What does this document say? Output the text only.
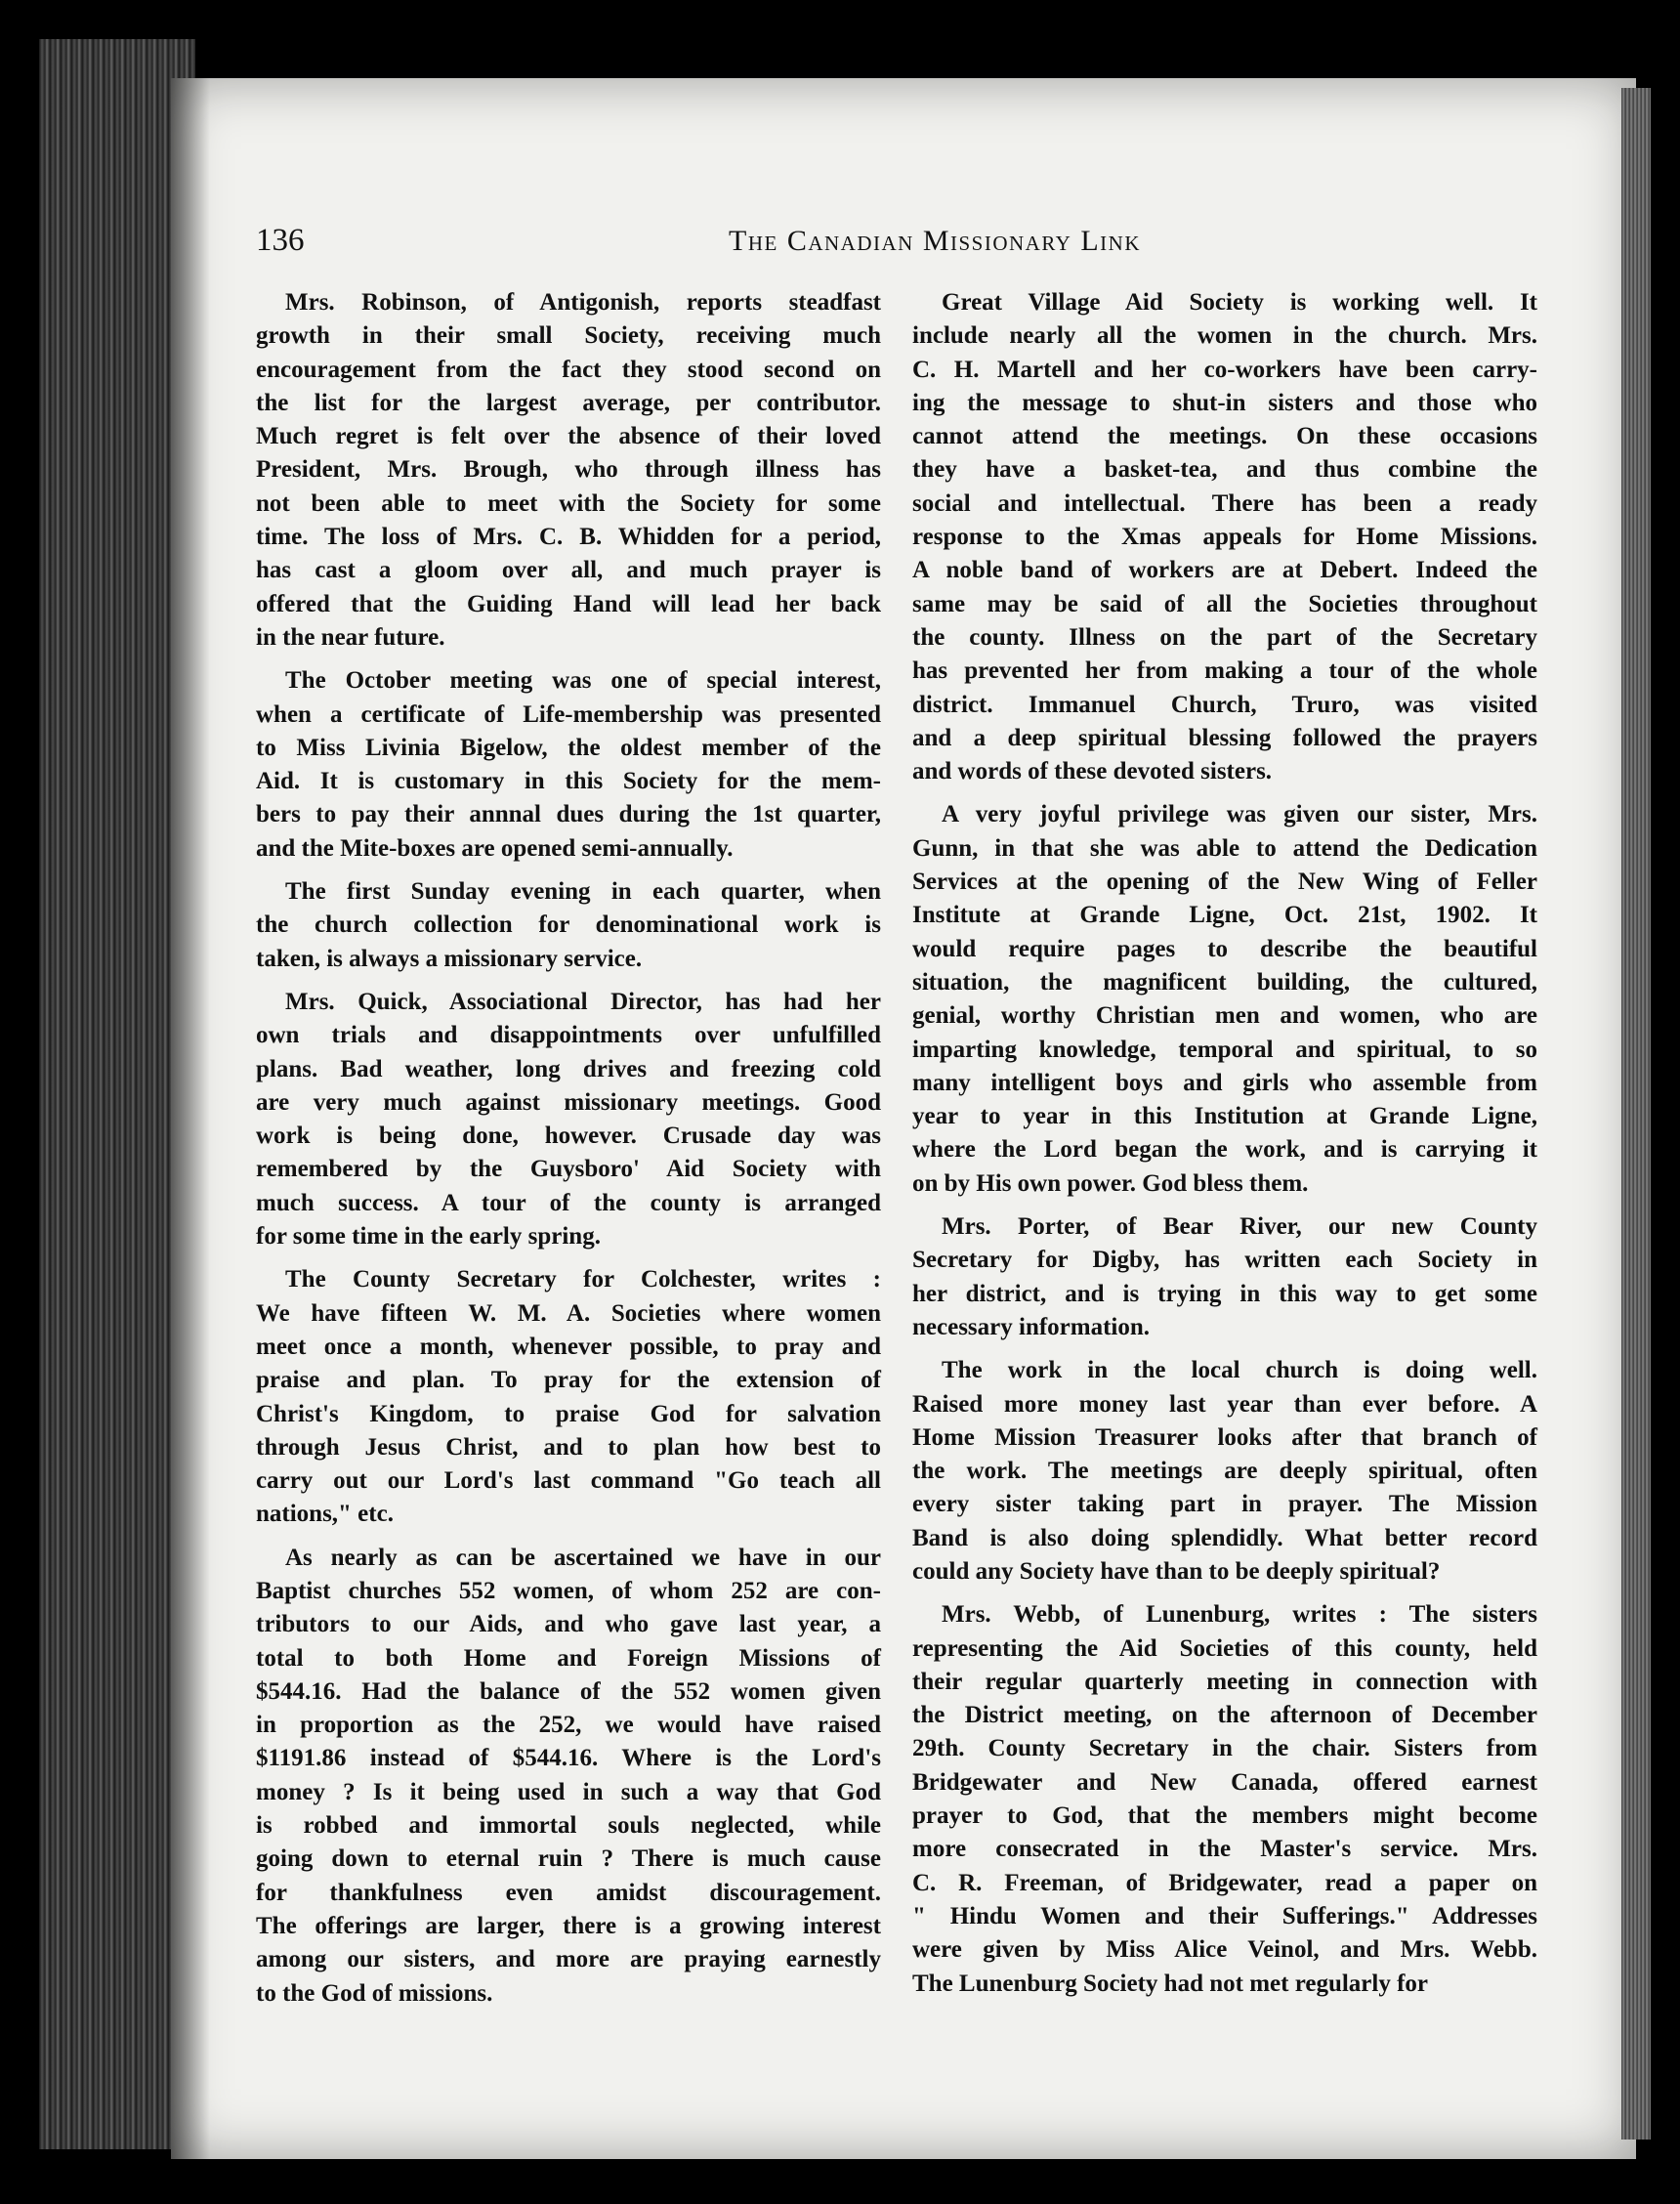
136	The Canadian Missionary Link
Mrs. Robinson, of Antigonish, reports steadfast
growth in their small Society, receiving much
encouragement from the fact they stood second on
the list for the largest average, per contributor.
Much regret is felt over the absence of their loved
President, Mrs. Brough, who through illness has
not been able to meet with the Society for some
time. The loss of Mrs. C. B. Whidden for a period,
has cast a gloom over all, and much prayer is
offered that the Guiding Hand will lead her back
in the near future.
The October meeting was one of special interest,
when a certificate of Life-membership was presented
to Miss Livinia Bigelow, the oldest member of the
Aid. It is customary in this Society for the mem-
bers to pay their annnal dues during the 1st quarter,
and the Mite-boxes are opened semi-annually.
The first Sunday evening in each quarter, when
the church collection for denominational work is
taken, is always a missionary service.
Mrs. Quick, Associational Director, has had her
own trials and disappointments over unfulfilled
plans. Bad weather, long drives and freezing cold
are very much against missionary meetings. Good
work is being done, however. Crusade day was
remembered by the Guysboro' Aid Society with
much success. A tour of the county is arranged
for some time in the early spring.
The County Secretary for Colchester, writes :
We have fifteen W. M. A. Societies where women
meet once a month, whenever possible, to pray and
praise and plan. To pray for the extension of
Christ's Kingdom, to praise God for salvation
through Jesus Christ, and to plan how best to
carry out our Lord's last command "Go teach all
nations," etc.
As nearly as can be ascertained we have in our
Baptist churches 552 women, of whom 252 are con-
tributors to our Aids, and who gave last year, a
total to both Home and Foreign Missions of
$544.16. Had the balance of the 552 women given
in proportion as the 252, we would have raised
$1191.86 instead of $544.16. Where is the Lord's
money ? Is it being used in such a way that God
is robbed and immortal souls neglected, while
going down to eternal ruin ? There is much cause
for thankfulness even amidst discouragement.
The offerings are larger, there is a growing interest
among our sisters, and more are praying earnestly
to the God of missions.
Great Village Aid Society is working well. It
include nearly all the women in the church. Mrs.
C. H. Martell and her co-workers have been carry-
ing the message to shut-in sisters and those who
cannot attend the meetings. On these occasions
they have a basket-tea, and thus combine the
social and intellectual. There has been a ready
response to the Xmas appeals for Home Missions.
A noble band of workers are at Debert. Indeed the
same may be said of all the Societies throughout
the county. Illness on the part of the Secretary
has prevented her from making a tour of the whole
district. Immanuel Church, Truro, was visited
and a deep spiritual blessing followed the prayers
and words of these devoted sisters.
A very joyful privilege was given our sister, Mrs.
Gunn, in that she was able to attend the Dedication
Services at the opening of the New Wing of Feller
Institute at Grande Ligne, Oct. 21st, 1902. It
would require pages to describe the beautiful
situation, the magnificent building, the cultured,
genial, worthy Christian men and women, who are
imparting knowledge, temporal and spiritual, to so
many intelligent boys and girls who assemble from
year to year in this Institution at Grande Ligne,
where the Lord began the work, and is carrying it
on by His own power. God bless them.
Mrs. Porter, of Bear River, our new County
Secretary for Digby, has written each Society in
her district, and is trying in this way to get some
necessary information.
The work in the local church is doing well.
Raised more money last year than ever before. A
Home Mission Treasurer looks after that branch of
the work. The meetings are deeply spiritual, often
every sister taking part in prayer. The Mission
Band is also doing splendidly. What better record
could any Society have than to be deeply spiritual?
Mrs. Webb, of Lunenburg, writes : The sisters
representing the Aid Societies of this county, held
their regular quarterly meeting in connection with
the District meeting, on the afternoon of December
29th. County Secretary in the chair. Sisters from
Bridgewater and New Canada, offered earnest
prayer to God, that the members might become
more consecrated in the Master's service. Mrs.
C. R. Freeman, of Bridgewater, read a paper on
" Hindu Women and their Sufferings." Addresses
were given by Miss Alice Veinol, and Mrs. Webb.
The Lunenburg Society had not met regularly for
